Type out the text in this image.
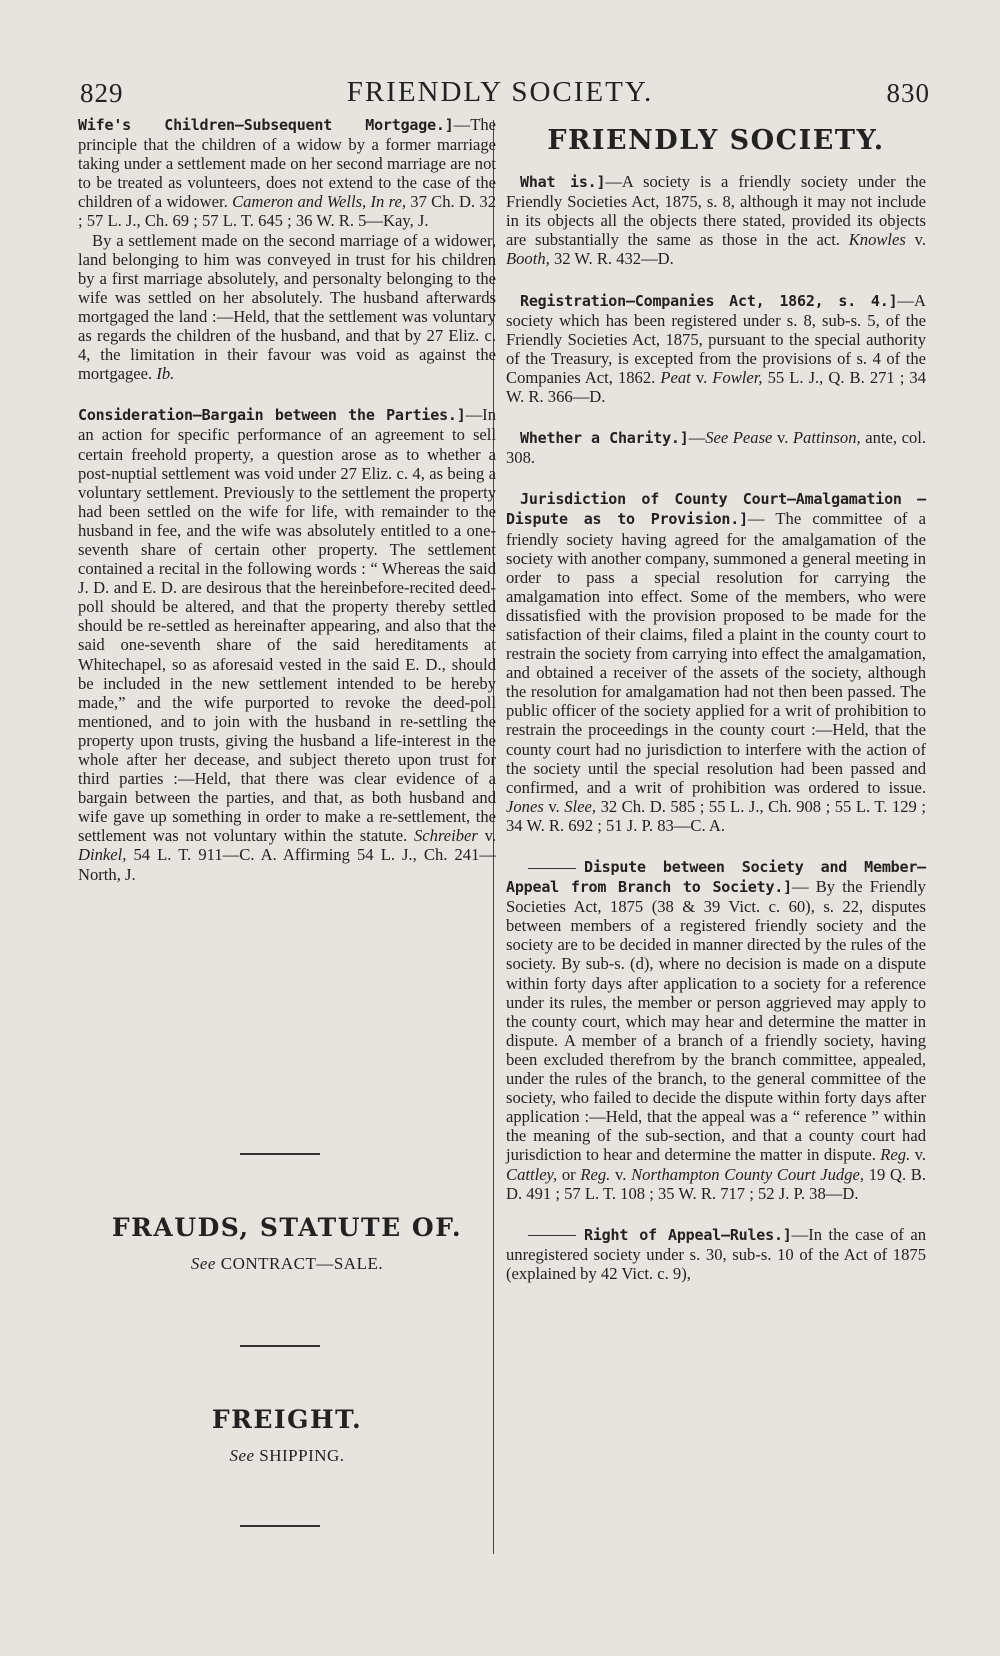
829	FRIENDLY SOCIETY.	830

Wife's Children—Subsequent Mortgage.]—The principle that the children of a widow by a former marriage taking under a settlement made on her second marriage are not to be treated as volunteers, does not extend to the case of the children of a widower. Cameron and Wells, In re, 37 Ch. D. 32 ; 57 L. J., Ch. 69 ; 57 L. T. 645 ; 36 W. R. 5—Kay, J.

By a settlement made on the second marriage of a widower, land belonging to him was conveyed in trust for his children by a first marriage absolutely, and personalty belonging to the wife was settled on her absolutely. The husband afterwards mortgaged the land :—Held, that the settlement was voluntary as regards the children of the husband, and that by 27 Eliz. c. 4, the limitation in their favour was void as against the mortgagee. Ib.

Consideration—Bargain between the Parties.]—In an action for specific performance of an agreement to sell certain freehold property, a question arose as to whether a post-nuptial settlement was void under 27 Eliz. c. 4, as being a voluntary settlement. Previously to the settlement the property had been settled on the wife for life, with remainder to the husband in fee, and the wife was absolutely entitled to a one-seventh share of certain other property. The settlement contained a recital in the following words : “ Whereas the said J. D. and E. D. are desirous that the hereinbefore-recited deed-poll should be altered, and that the property thereby settled should be re-settled as hereinafter appearing, and also that the said one-seventh share of the said hereditaments at Whitechapel, so as aforesaid vested in the said E. D., should be included in the new settlement intended to be hereby made,” and the wife purported to revoke the deed-poll mentioned, and to join with the husband in re-settling the property upon trusts, giving the husband a life-interest in the whole after her decease, and subject thereto upon trust for third parties :—Held, that there was clear evidence of a bargain between the parties, and that, as both husband and wife gave up something in order to make a re-settlement, the settlement was not voluntary within the statute. Schreiber v. Dinkel, 54 L. T. 911—C. A. Affirming 54 L. J., Ch. 241—North, J.

FRAUDS, STATUTE OF.
See CONTRACT—SALE.
FREIGHT.
See SHIPPING.
FRIENDLY SOCIETY.

What is.]—A society is a friendly society under the Friendly Societies Act, 1875, s. 8, although it may not include in its objects all the objects there stated, provided its objects are substantially the same as those in the act. Knowles v. Booth, 32 W. R. 432—D.

Registration—Companies Act, 1862, s. 4.]—A society which has been registered under s. 8, sub-s. 5, of the Friendly Societies Act, 1875, pursuant to the special authority of the Treasury, is excepted from the provisions of s. 4 of the Companies Act, 1862. Peat v. Fowler, 55 L. J., Q. B. 271 ; 34 W. R. 366—D.

Whether a Charity.]—See Pease v. Pattinson, ante, col. 308.

Jurisdiction of County Court—Amalgamation —Dispute as to Provision.]— The committee of a friendly society having agreed for the amalgamation of the society with another company, summoned a general meeting in order to pass a special resolution for carrying the amalgamation into effect. Some of the members, who were dissatisfied with the provision proposed to be made for the satisfaction of their claims, filed a plaint in the county court to restrain the society from carrying into effect the amalgamation, and obtained a receiver of the assets of the society, although the resolution for amalgamation had not then been passed. The public officer of the society applied for a writ of prohibition to restrain the proceedings in the county court :—Held, that the county court had no jurisdiction to interfere with the action of the society until the special resolution had been passed and confirmed, and a writ of prohibition was ordered to issue. Jones v. Slee, 32 Ch. D. 585 ; 55 L. J., Ch. 908 ; 55 L. T. 129 ; 34 W. R. 692 ; 51 J. P. 83—C. A.

Dispute between Society and Member— Appeal from Branch to Society.]— By the Friendly Societies Act, 1875 (38 & 39 Vict. c. 60), s. 22, disputes between members of a registered friendly society and the society are to be decided in manner directed by the rules of the society. By sub-s. (d), where no decision is made on a dispute within forty days after application to a society for a reference under its rules, the member or person aggrieved may apply to the county court, which may hear and determine the matter in dispute. A member of a branch of a friendly society, having been excluded therefrom by the branch committee, appealed, under the rules of the branch, to the general committee of the society, who failed to decide the dispute within forty days after application :—Held, that the appeal was a “ reference ” within the meaning of the sub-section, and that a county court had jurisdiction to hear and determine the matter in dispute. Reg. v. Cattley, or Reg. v. Northampton County Court Judge, 19 Q. B. D. 491 ; 57 L. T. 108 ; 35 W. R. 717 ; 52 J. P. 38—D.

Right of Appeal—Rules.]—In the case of an unregistered society under s. 30, sub-s. 10 of the Act of 1875 (explained by 42 Vict. c. 9),
